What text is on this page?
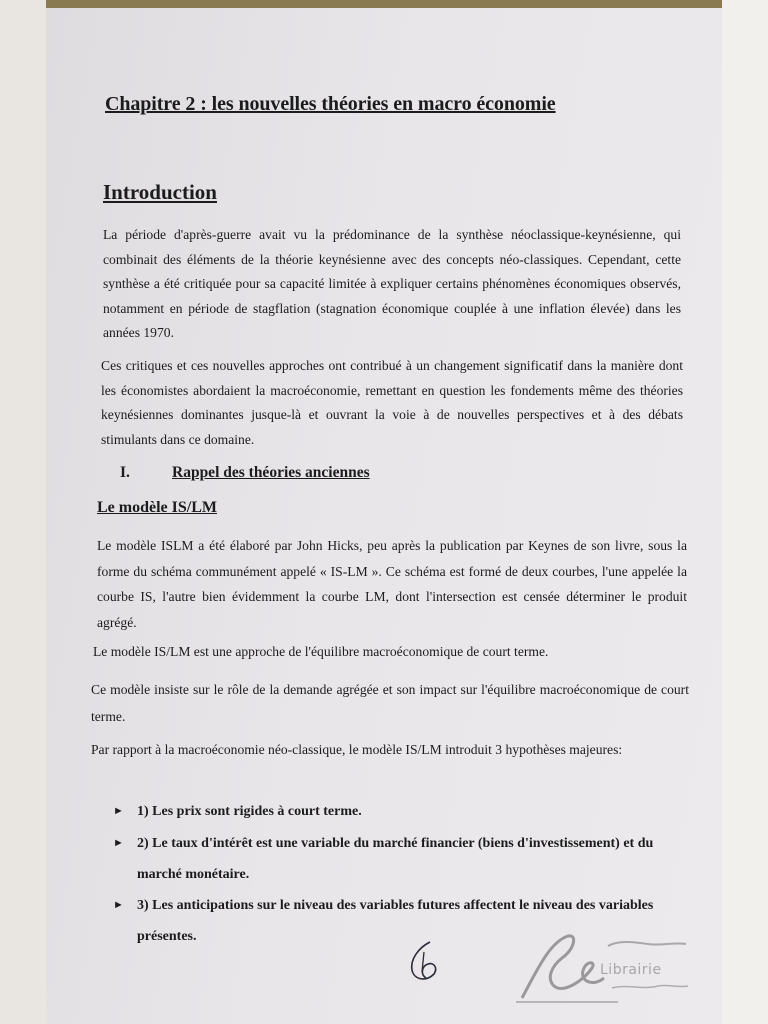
Chapitre 2 : les nouvelles théories en macro économie
Introduction
La période d'après-guerre avait vu la prédominance de la synthèse néoclassique-keynésienne, qui combinait des éléments de la théorie keynésienne avec des concepts néo-classiques. Cependant, cette synthèse a été critiquée pour sa capacité limitée à expliquer certains phénomènes économiques observés, notamment en période de stagflation (stagnation économique couplée à une inflation élevée) dans les années 1970.
Ces critiques et ces nouvelles approches ont contribué à un changement significatif dans la manière dont les économistes abordaient la macroéconomie, remettant en question les fondements même des théories keynésiennes dominantes jusque-là et ouvrant la voie à de nouvelles perspectives et à des débats stimulants dans ce domaine.
I.	Rappel des théories anciennes
Le modèle IS/LM
Le modèle ISLM a été élaboré par John Hicks, peu après la publication par Keynes de son livre, sous la forme du schéma communément appelé « IS-LM ». Ce schéma est formé de deux courbes, l'une appelée la courbe IS, l'autre bien évidemment la courbe LM, dont l'intersection est censée déterminer le produit agrégé.
Le modèle IS/LM est une approche de l'équilibre macroéconomique de court terme.
Ce modèle insiste sur le rôle de la demande agrégée et son impact sur l'équilibre macroéconomique de court terme.
Par rapport à la macroéconomie néo-classique, le modèle IS/LM introduit 3 hypothèses majeures:
► 1) Les prix sont rigides à court terme.
► 2) Le taux d'intérêt est une variable du marché financier (biens d'investissement) et du marché monétaire.
► 3) Les anticipations sur le niveau des variables futures affectent le niveau des variables présentes.
Librairie
